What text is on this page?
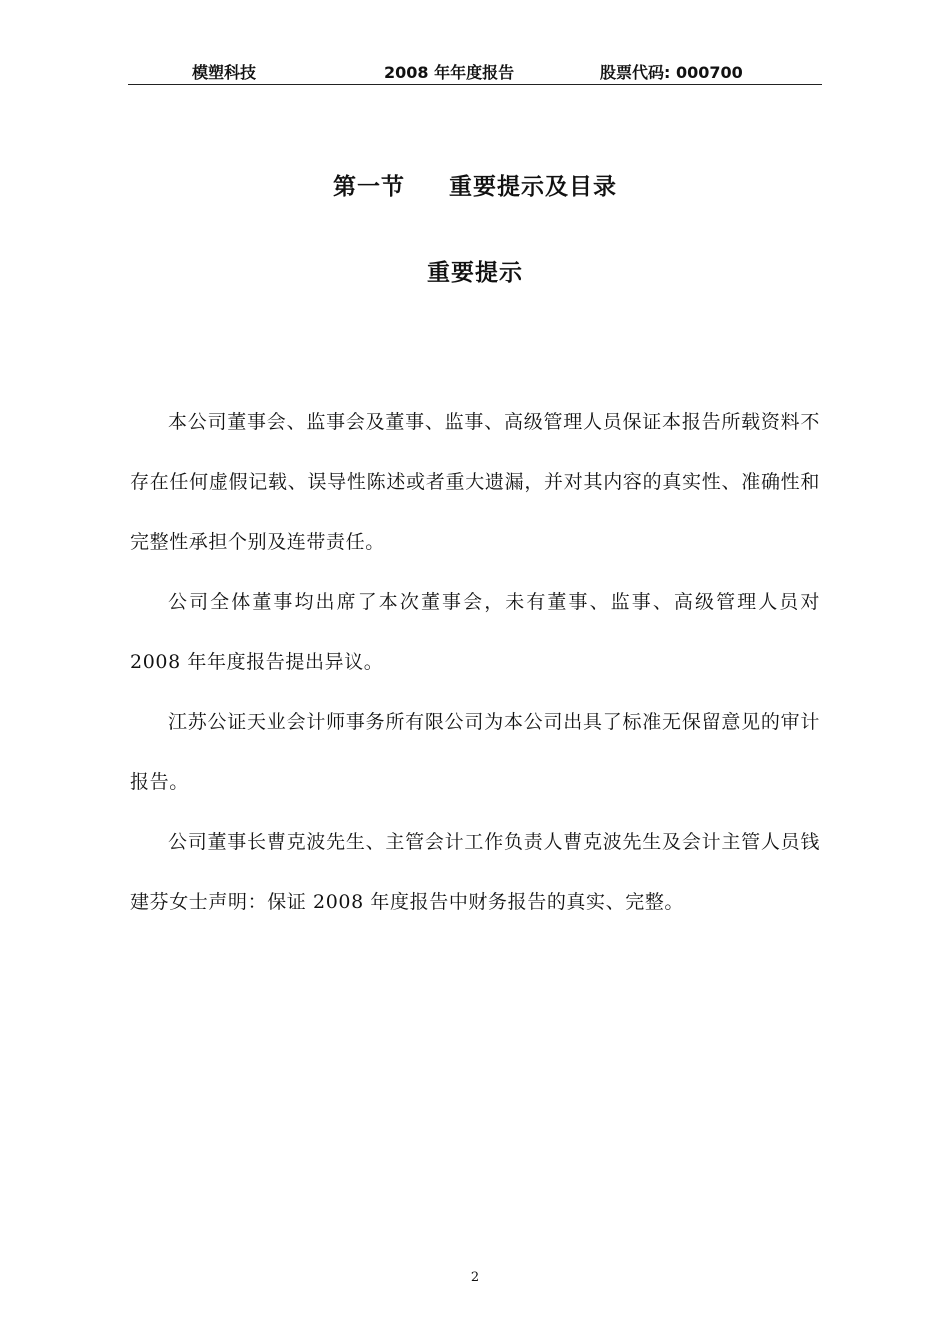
模塑科技	2008 年年度报告	股票代码: 000700
第一节 重要提示及目录
重要提示

本公司董事会、监事会及董事、监事、高级管理人员保证本报告所载资料不存在任何虚假记载、误导性陈述或者重大遗漏，并对其内容的真实性、准确性和完整性承担个别及连带责任。

公司全体董事均出席了本次董事会，未有董事、监事、高级管理人员对 2008 年年度报告提出异议。

江苏公证天业会计师事务所有限公司为本公司出具了标准无保留意见的审计报告。

公司董事长曹克波先生、主管会计工作负责人曹克波先生及会计主管人员钱建芬女士声明：保证 2008 年度报告中财务报告的真实、完整。

2
